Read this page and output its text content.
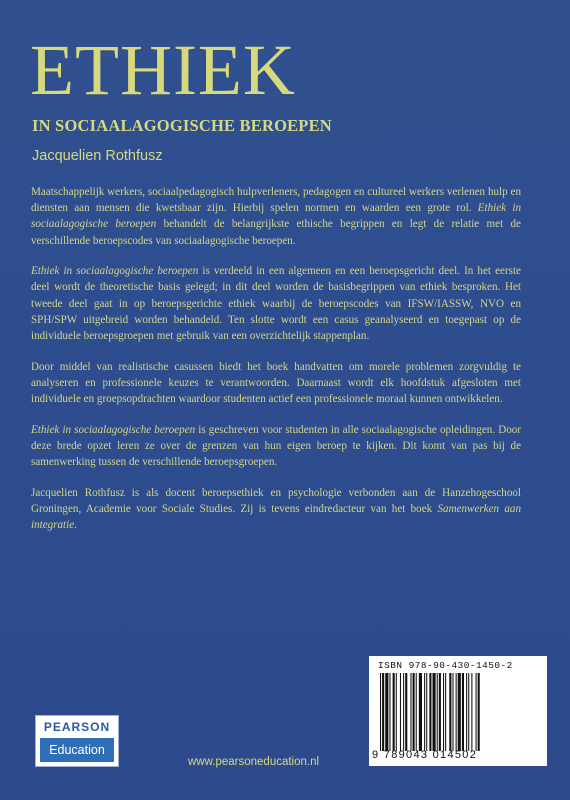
ETHIEK
IN SOCIAALAGOGISCHE BEROEPEN
Jacquelien Rothfusz

Maatschappelijk werkers, sociaalpedagogisch hulpverleners, pedagogen en cultureel werkers verlenen hulp en diensten aan mensen die kwetsbaar zijn. Hierbij spelen normen en waarden een grote rol. Ethiek in sociaalagogische beroepen behandelt de belangrijkste ethische begrippen en legt de relatie met de verschillende beroepscodes van sociaalagogische beroepen.

Ethiek in sociaalagogische beroepen is verdeeld in een algemeen en een beroepsgericht deel. In het eerste deel wordt de theoretische basis gelegd; in dit deel worden de basisbegrippen van ethiek besproken. Het tweede deel gaat in op beroepsgerichte ethiek waarbij de beroepscodes van IFSW/IASSW, NVO en SPH/SPW uitgebreid worden behandeld. Ten slotte wordt een casus geanalyseerd en toegepast op de individuele beroepsgroepen met gebruik van een overzichtelijk stappenplan.

Door middel van realistische casussen biedt het boek handvatten om morele problemen zorgvuldig te analyseren en professionele keuzes te verantwoorden. Daarnaast wordt elk hoofdstuk afgesloten met individuele en groepsopdrachten waardoor studenten actief een professionele moraal kunnen ontwikkelen.

Ethiek in sociaalagogische beroepen is geschreven voor studenten in alle sociaalagogische opleidingen. Door deze brede opzet leren ze over de grenzen van hun eigen beroep te kijken. Dit komt van pas bij de samenwerking tussen de verschillende beroepsgroepen.

Jacquelien Rothfusz is als docent beroepsethiek en psychologie verbonden aan de Hanzehogeschool Groningen, Academie voor Sociale Studies. Zij is tevens eindredacteur van het boek Samenwerken aan integratie.

ISBN 978-90-430-1450-2
9 789043 014502
PEARSON
Education
www.pearsoneducation.nl
